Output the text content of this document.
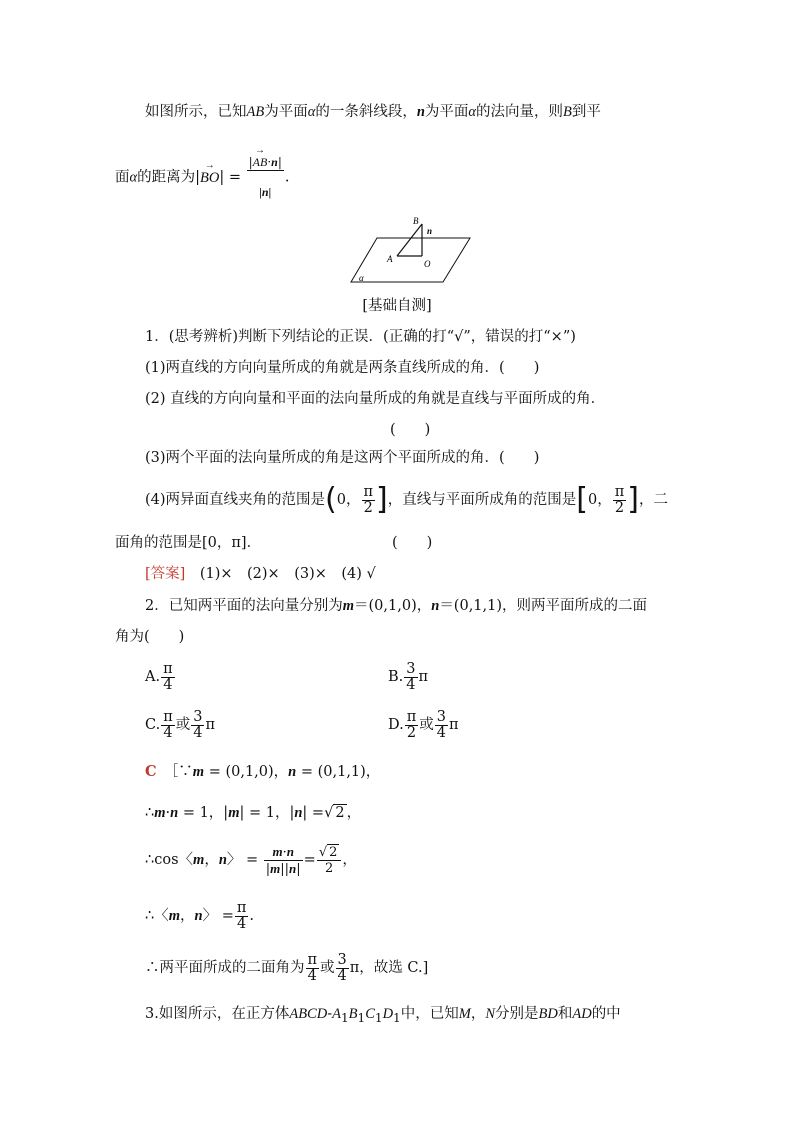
如图所示，已知AB为平面α的一条斜线段，n为平面α的法向量，则B到平
面α的距离为|→ $BO| = \frac{|\to AB\cdot n|}{|n|}$ .
B
n
A	O
α
[基础自测]
1．(思考辨析)判断下列结论的正误．(正确的打“√”，错误的打“×”)
(1)两直线的方向向量所成的角就是两条直线所成的角．(　　)
(2) 直线的方向向量和平面的法向量所成的角就是直线与平面所成的角．
(　　)
(3)两个平面的法向量所成的角是这两个平面所成的角．(　　)
(4)两异面直线夹角的范围是(0， $\frac{\pi}{2}$ ]，直线与平面所成角的范围是[0， $\frac{\pi}{2}$ ]，二
面角的范围是[0，π]．	(　　)
[答案]　 (1)×　(2)×　(3)×　(4) √
2．已知两平面的法向量分别为m＝(0,1,0)，n＝(0,1,1)，则两平面所成的二面
角为(　　)
A. $\frac{\pi}{4}$	B. $\frac{3}{4}$ π
C. $\frac{\pi}{4}$ 或 $\frac{3}{4}$ π	D. $\frac{\pi}{2}$ 或 $\frac{3}{4}$ π
C　 ［∵m = (0,1,0)，n = (0,1,1)，
∴m·n = 1，|m| = 1，|n| =√ 2 ，
∴cos〈m，n〉 = $\frac{m\cdot n}{|m||n|} = \frac{√ 2}{2}$ ，
∴〈m，n〉 = $\frac{\pi}{4}$ .
∴两平面所成的二面角为 $\frac{\pi}{4}$ 或 $\frac{3}{4}$ π，故选 C.]
3.如图所示，在正方体ABCD-$A_1B_1C_1D_1$中，已知M，N分别是BD和AD的中
